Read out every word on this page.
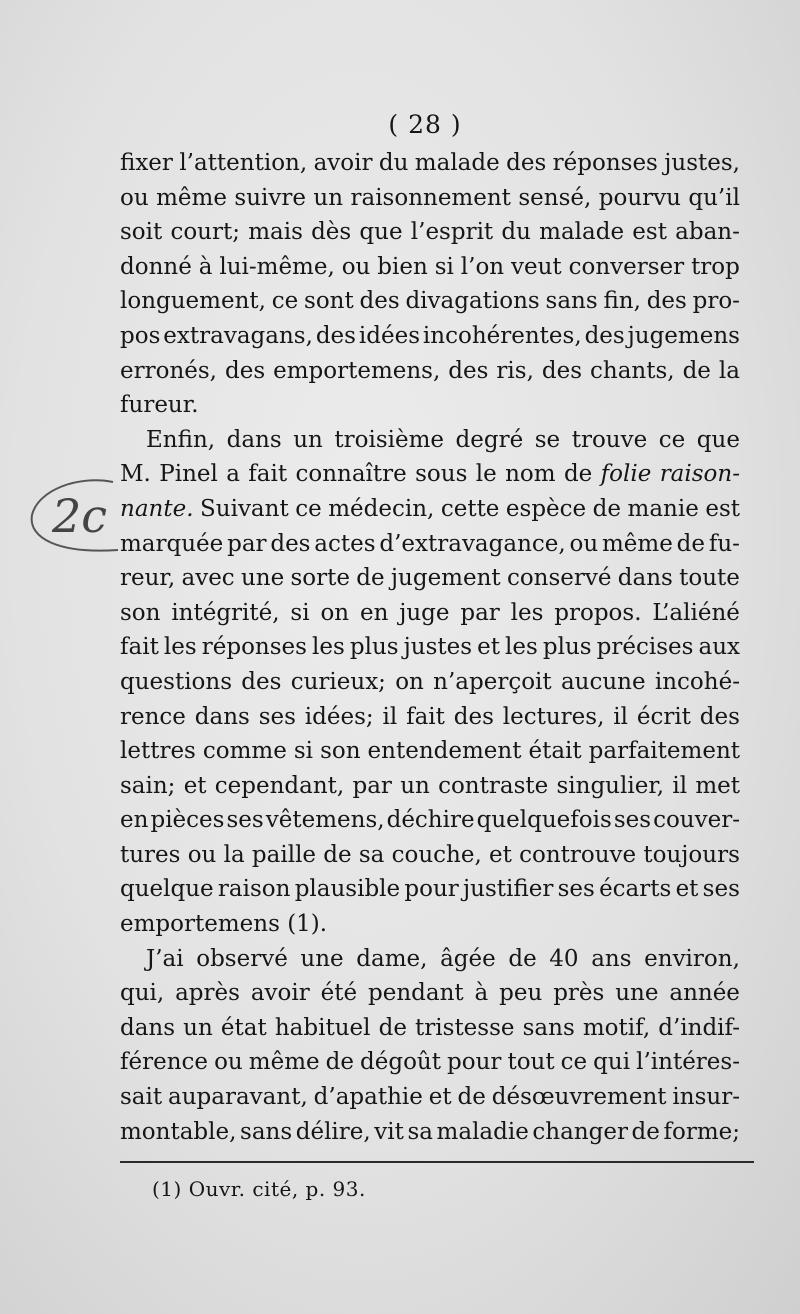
( 28 )
fixer l’attention, avoir du malade des réponses justes,
ou même suivre un raisonnement sensé, pourvu qu’il
soit court; mais dès que l’esprit du malade est aban-
donné à lui-même, ou bien si l’on veut converser trop
longuement, ce sont des divagations sans fin, des pro-
pos extravagans, des idées incohérentes, des jugemens
erronés, des emportemens, des ris, des chants, de la
fureur.

Enfin, dans un troisième degré se trouve ce que
M. Pinel a fait connaître sous le nom de folie raison-
nante. Suivant ce médecin, cette espèce de manie est
marquée par des actes d’extravagance, ou même de fu-
reur, avec une sorte de jugement conservé dans toute
son intégrité, si on en juge par les propos. L’aliéné
fait les réponses les plus justes et les plus précises aux
questions des curieux; on n’aperçoit aucune incohé-
rence dans ses idées; il fait des lectures, il écrit des
lettres comme si son entendement était parfaitement
sain; et cependant, par un contraste singulier, il met
en pièces ses vêtemens, déchire quelquefois ses couver-
tures ou la paille de sa couche, et controuve toujours
quelque raison plausible pour justifier ses écarts et ses
emportemens
(1).

J’ai observé une dame, âgée de 40 ans environ,
qui, après avoir été pendant à peu près une année
dans un état habituel de tristesse sans motif, d’indif-
férence ou même de dégoût pour tout ce qui l’intéres-
sait auparavant, d’apathie et de désœuvrement insur-
montable, sans délire, vit sa maladie changer de forme;
2c
(1) Ouvr. cité, p. 93.
